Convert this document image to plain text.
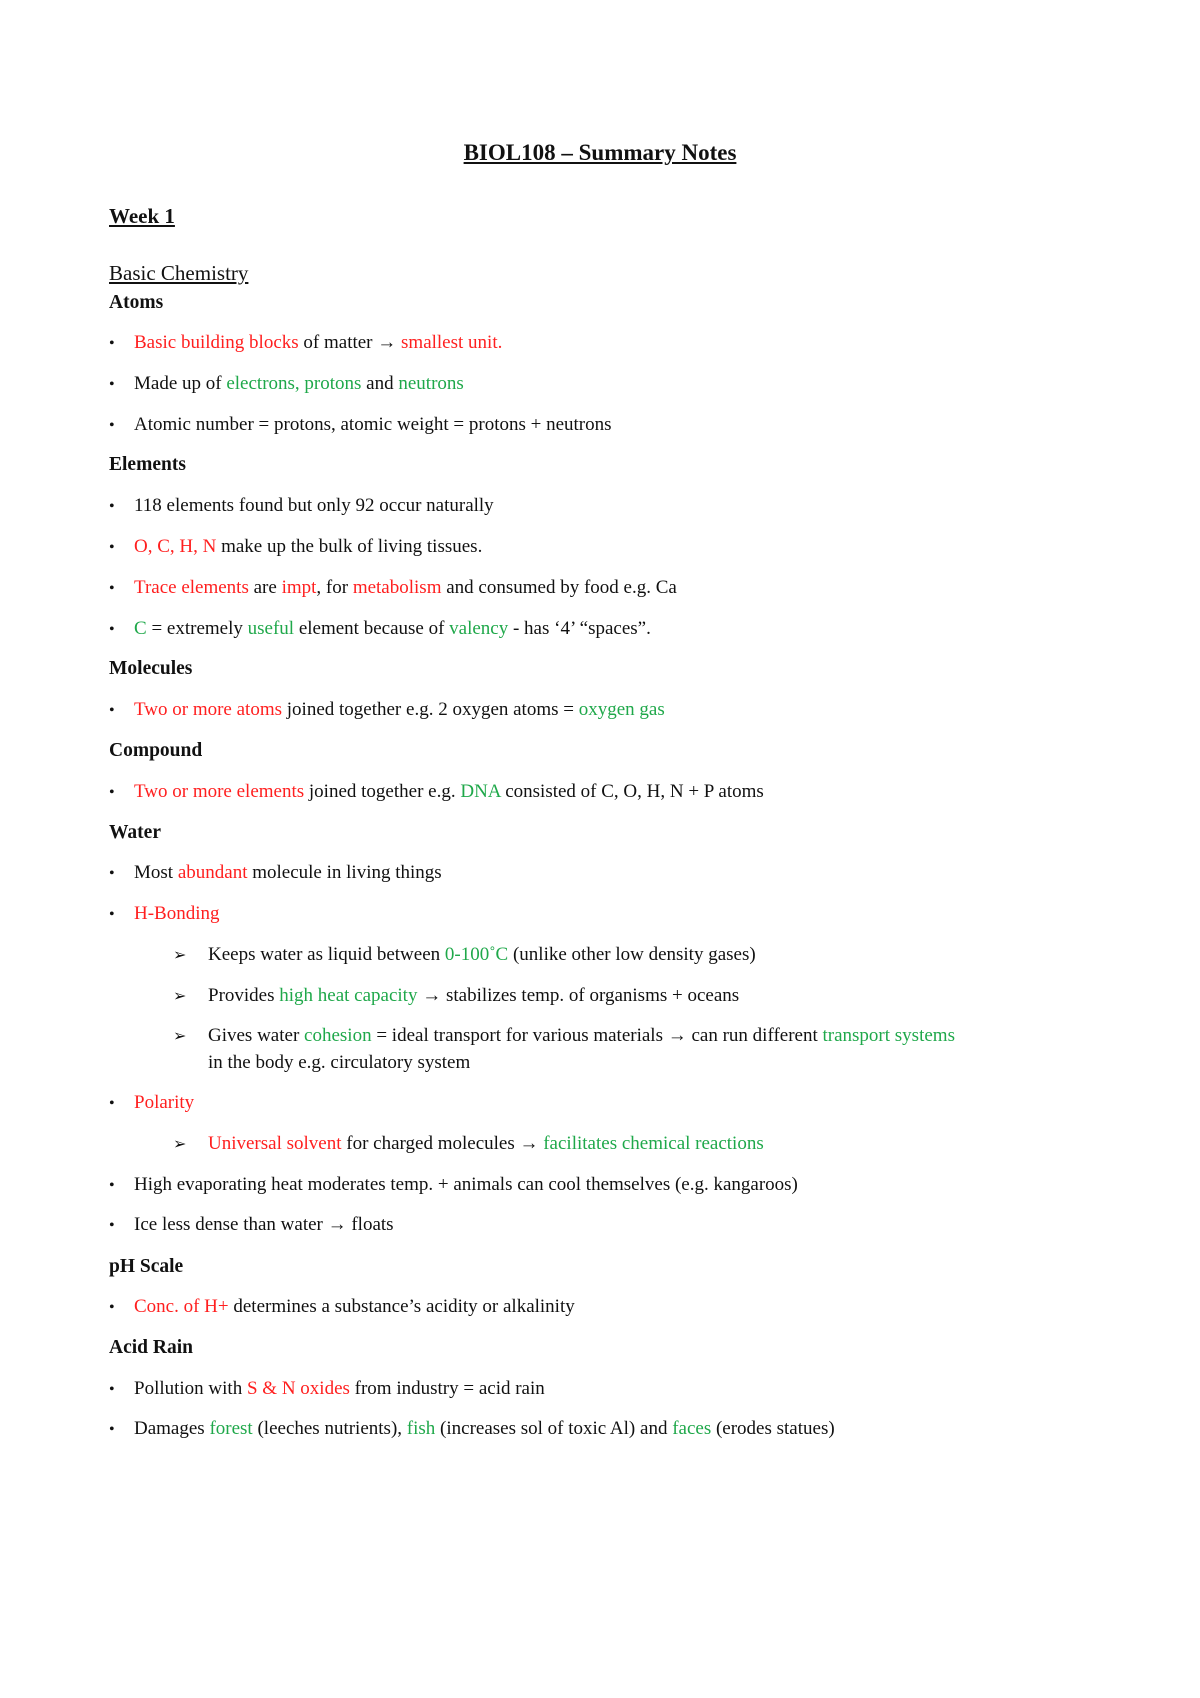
BIOL108 – Summary Notes
Week 1
Basic Chemistry
Atoms
• Basic building blocks of matter → smallest unit.
• Made up of electrons, protons and neutrons
• Atomic number = protons, atomic weight = protons + neutrons
Elements
• 118 elements found but only 92 occur naturally
• O, C, H, N make up the bulk of living tissues.
• Trace elements are impt, for metabolism and consumed by food e.g. Ca
• C = extremely useful element because of valency - has ‘4’ “spaces”.
Molecules
• Two or more atoms joined together e.g. 2 oxygen atoms = oxygen gas
Compound
• Two or more elements joined together e.g. DNA consisted of C, O, H, N + P atoms
Water
• Most abundant molecule in living things
• H-Bonding
➢ Keeps water as liquid between 0-100˚C (unlike other low density gases)
➢ Provides high heat capacity → stabilizes temp. of organisms + oceans
➢ Gives water cohesion = ideal transport for various materials → can run different transport systems
in the body e.g. circulatory system
• Polarity
➢ Universal solvent for charged molecules → facilitates chemical reactions
• High evaporating heat moderates temp. + animals can cool themselves (e.g. kangaroos)
• Ice less dense than water → floats
pH Scale
• Conc. of H+ determines a substance’s acidity or alkalinity
Acid Rain
• Pollution with S & N oxides from industry = acid rain
• Damages forest (leeches nutrients), fish (increases sol of toxic Al) and faces (erodes statues)
